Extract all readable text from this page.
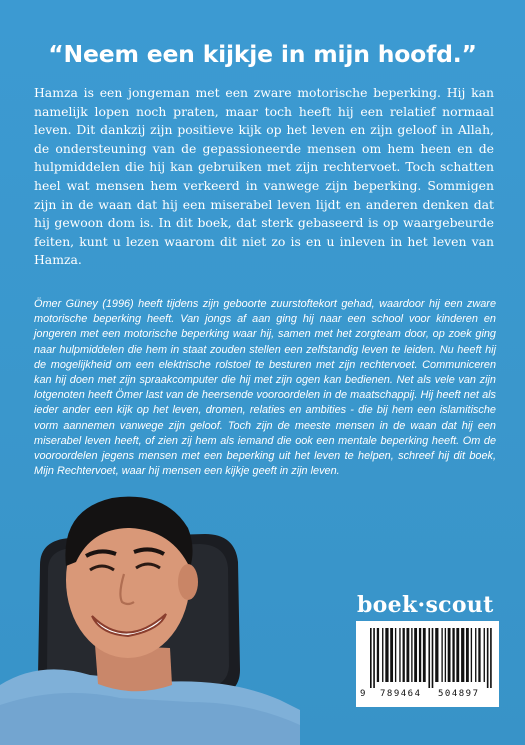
“Neem een kijkje in mijn hoofd.”

Hamza is een jongeman met een zware motorische beperking. Hij kan namelijk lopen noch praten, maar toch heeft hij een relatief normaal leven. Dit dankzij zijn positieve kijk op het leven en zijn geloof in Allah, de ondersteuning van de gepassioneerde mensen om hem heen en de hulpmiddelen die hij kan gebruiken met zijn rechtervoet. Toch schatten heel wat mensen hem verkeerd in vanwege zijn beperking. Sommigen zijn in de waan dat hij een miserabel leven lijdt en anderen denken dat hij gewoon dom is. In dit boek, dat sterk gebaseerd is op waargebeurde feiten, kunt u lezen waarom dit niet zo is en u inleven in het leven van Hamza.

Ömer Güney (1996) heeft tijdens zijn geboorte zuurstoftekort gehad, waardoor hij een zware motorische beperking heeft. Van jongs af aan ging hij naar een school voor kinderen en jongeren met een motorische beperking waar hij, samen met het zorgteam door, op zoek ging naar hulpmiddelen die hem in staat zouden stellen een zelfstandig leven te leiden. Nu heeft hij de mogelijkheid om een elektrische rolstoel te besturen met zijn rechtervoet. Communiceren kan hij doen met zijn spraakcomputer die hij met zijn ogen kan bedienen. Net als vele van zijn lotgenoten heeft Ömer last van de heersende vooroordelen in de maatschappij. Hij heeft net als ieder ander een kijk op het leven, dromen, relaties en ambities - die bij hem een islamitische vorm aannemen vanwege zijn geloof. Toch zijn de meeste mensen in de waan dat hij een miserabel leven heeft, of zien zij hem als iemand die ook een mentale beperking heeft. Om de vooroordelen jegens mensen met een beperking uit het leven te helpen, schreef hij dit boek, Mijn Rechtervoet, waar hij mensen een kijkje geeft in zijn leven.

boek·scout
9 789464 504897
